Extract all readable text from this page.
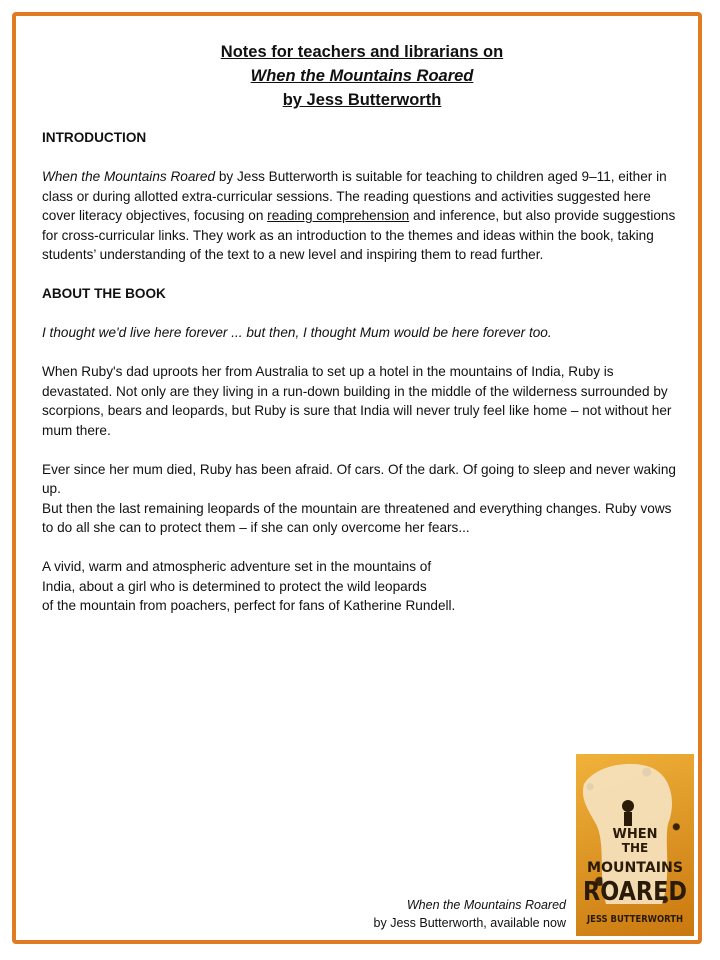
Notes for teachers and librarians on
When the Mountains Roared
by Jess Butterworth
INTRODUCTION

When the Mountains Roared by Jess Butterworth is suitable for teaching to children aged 9–11, either in class or during allotted extra-curricular sessions. The reading questions and activities suggested here cover literacy objectives, focusing on reading comprehension and inference, but also provide suggestions for cross-curricular links. They work as an introduction to the themes and ideas within the book, taking students’ understanding of the text to a new level and inspiring them to read further.

ABOUT THE BOOK

I thought we'd live here forever ... but then, I thought Mum would be here forever too.

When Ruby's dad uproots her from Australia to set up a hotel in the mountains of India, Ruby is devastated. Not only are they living in a run-down building in the middle of the wilderness surrounded by scorpions, bears and leopards, but Ruby is sure that India will never truly feel like home – not without her mum there.

Ever since her mum died, Ruby has been afraid. Of cars. Of the dark. Of going to sleep and never waking up.

But then the last remaining leopards of the mountain are threatened and everything changes. Ruby vows to do all she can to protect them – if she can only overcome her fears...

A vivid, warm and atmospheric adventure set in the mountains of
India, about a girl who is determined to protect the wild leopards
of the mountain from poachers, perfect for fans of Katherine Rundell.

When the Mountains Roared
by Jess Butterworth, available now
WHEN
THE
MOUNTAINS
ROARED
JESS BUTTERWORTH
